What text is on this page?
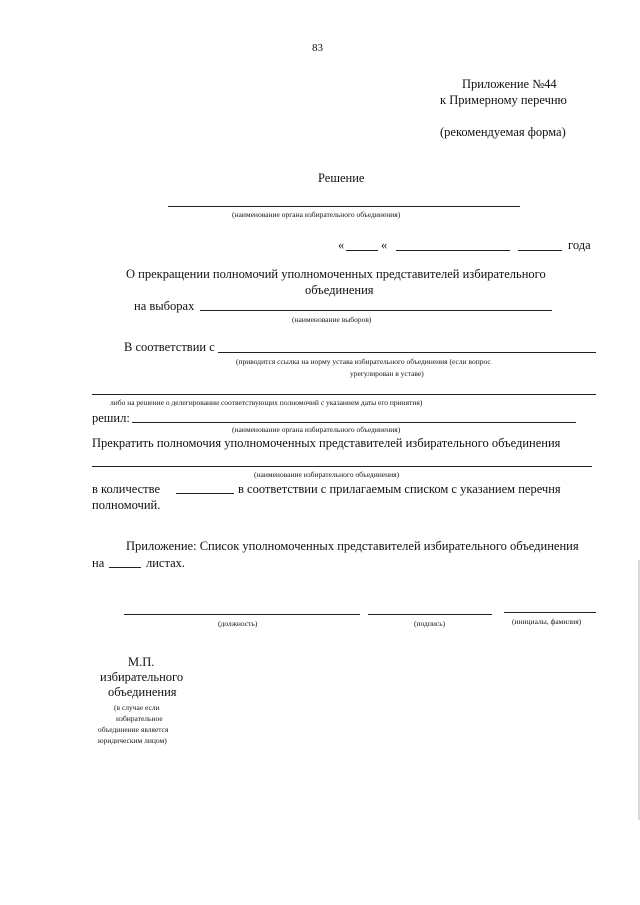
83
Приложение №44
к Примерному перечню
(рекомендуемая форма)
Решение
(наименование органа избирательного объединения)
«	«	года
О прекращении полномочий уполномоченных представителей избирательного
объединения
на выборах
(наименование выборов)
В соответствии с
(приводится ссылка на норму устава избирательного объединения (если вопрос
урегулирован в уставе)
либо на решение о делегировании соответствующих полномочий с указанием даты его принятия)
решил:
(наименование органа избирательного объединения)
Прекратить полномочия уполномоченных представителей избирательного объединения
(наименование избирательного объединения)
в количестве	в соответствии с прилагаемым списком с указанием перечня
полномочий.
Приложение: Список уполномоченных представителей избирательного объединения
на	листах.
(должность)	(подпись)	(инициалы, фамилия)
М.П.
избирательного
объединения
(в случае если
избирательное
объединение является
юридическим лицом)
